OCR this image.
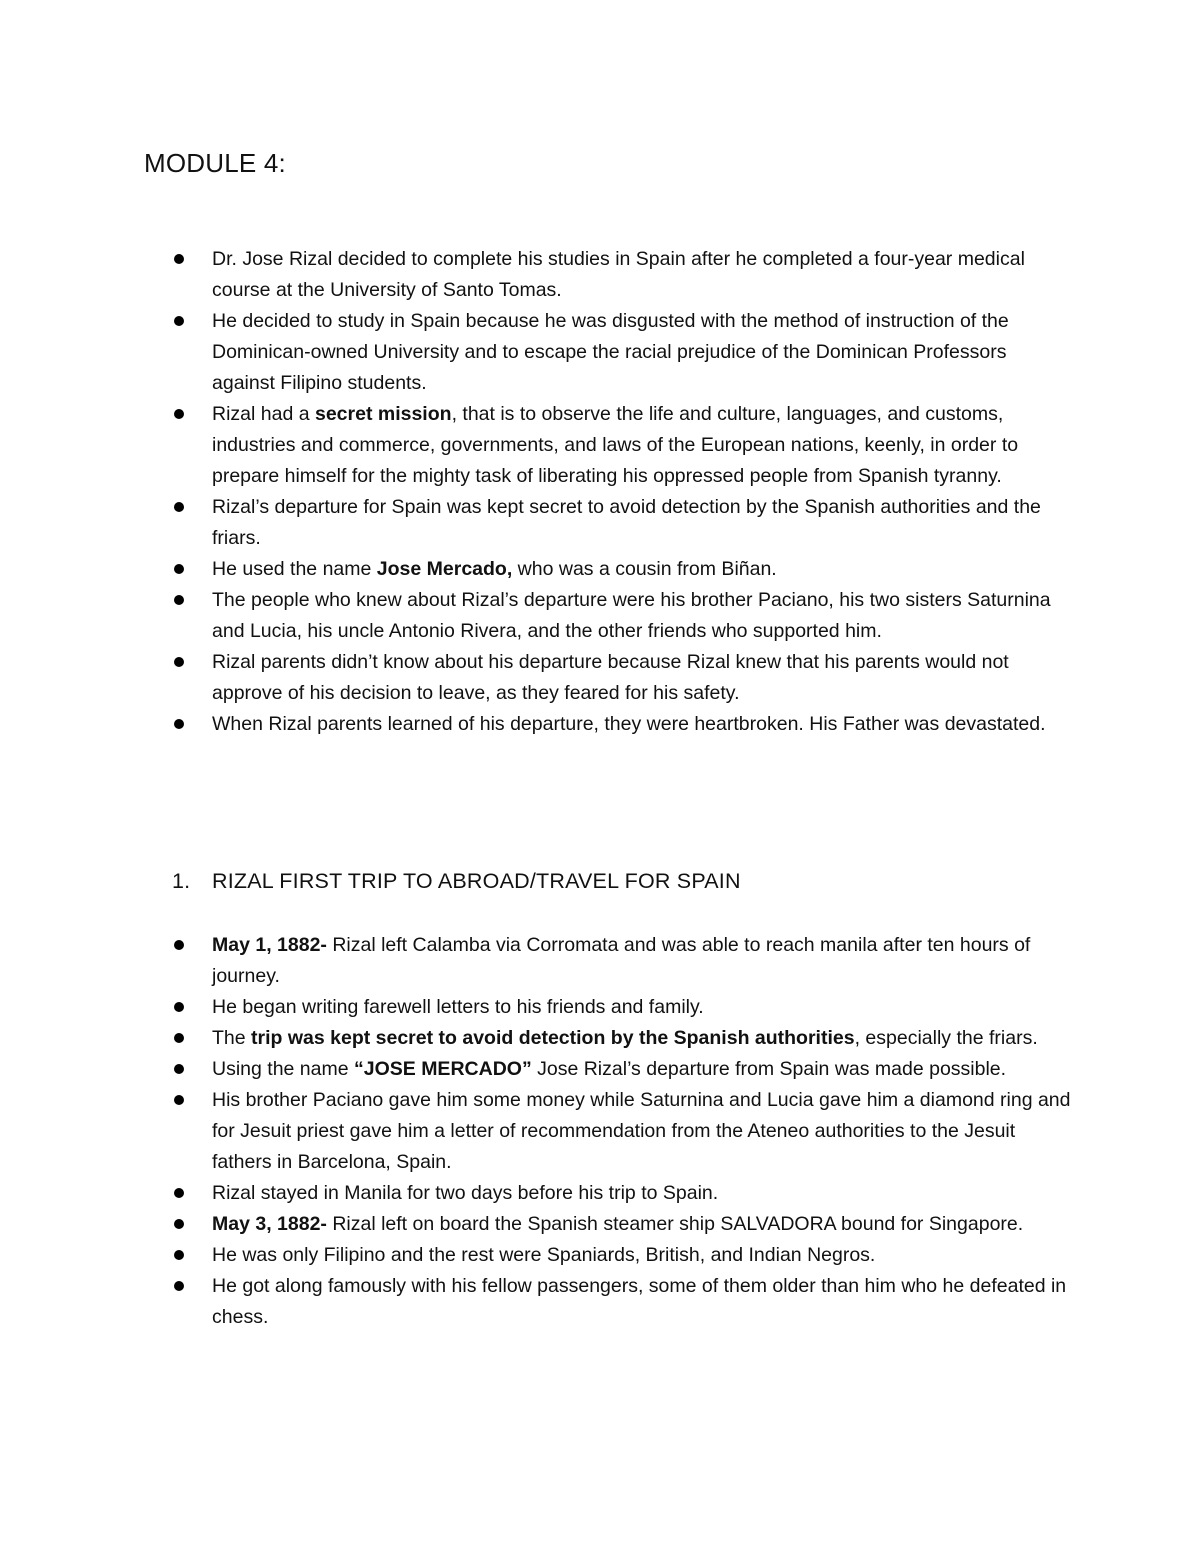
MODULE 4:
Dr. Jose Rizal decided to complete his studies in Spain after he completed a four-year medical course at the University of Santo Tomas.
He decided to study in Spain because he was disgusted with the method of instruction of the Dominican-owned University and to escape the racial prejudice of the Dominican Professors against Filipino students.
Rizal had a secret mission, that is to observe the life and culture, languages, and customs, industries and commerce, governments, and laws of the European nations, keenly, in order to prepare himself for the mighty task of liberating his oppressed people from Spanish tyranny.
Rizal’s departure for Spain was kept secret to avoid detection by the Spanish authorities and the friars.
He used the name Jose Mercado, who was a cousin from Biñan.
The people who knew about Rizal’s departure were his brother Paciano, his two sisters Saturnina and Lucia, his uncle Antonio Rivera, and the other friends who supported him.
Rizal parents didn’t know about his departure because Rizal knew that his parents would not approve of his decision to leave, as they feared for his safety.
When Rizal parents learned of his departure, they were heartbroken. His Father was devastated.
1. RIZAL FIRST TRIP TO ABROAD/TRAVEL FOR SPAIN
May 1, 1882- Rizal left Calamba via Corromata and was able to reach manila after ten hours of journey.
He began writing farewell letters to his friends and family.
The trip was kept secret to avoid detection by the Spanish authorities, especially the friars.
Using the name “JOSE MERCADO” Jose Rizal’s departure from Spain was made possible.
His brother Paciano gave him some money while Saturnina and Lucia gave him a diamond ring and for Jesuit priest gave him a letter of recommendation from the Ateneo authorities to the Jesuit fathers in Barcelona, Spain.
Rizal stayed in Manila for two days before his trip to Spain.
May 3, 1882- Rizal left on board the Spanish steamer ship SALVADORA bound for Singapore.
He was only Filipino and the rest were Spaniards, British, and Indian Negros.
He got along famously with his fellow passengers, some of them older than him who he defeated in chess.
